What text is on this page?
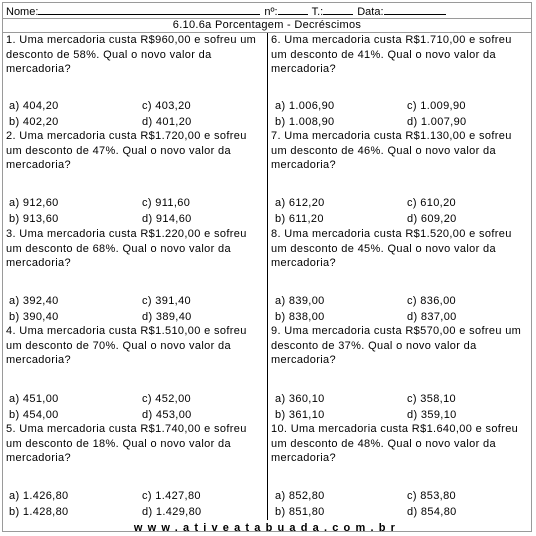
Nome:	nº:	T.:	Data:
6.10.6a Porcentagem - Decréscimos
1. Uma mercadoria custa R$960,00 e sofreu um desconto de 58%. Qual o novo valor da mercadoria?
a) 404,20	c) 403,20
b) 402,20	d) 401,20
2. Uma mercadoria custa R$1.720,00 e sofreu um desconto de 47%. Qual o novo valor da mercadoria?
a) 912,60	c) 911,60
b) 913,60	d) 914,60
3. Uma mercadoria custa R$1.220,00 e sofreu um desconto de 68%. Qual o novo valor da mercadoria?
a) 392,40	c) 391,40
b) 390,40	d) 389,40
4. Uma mercadoria custa R$1.510,00 e sofreu um desconto de 70%. Qual o novo valor da mercadoria?
a) 451,00	c) 452,00
b) 454,00	d) 453,00
5. Uma mercadoria custa R$1.740,00 e sofreu um desconto de 18%. Qual o novo valor da mercadoria?
a) 1.426,80	c) 1.427,80
b) 1.428,80	d) 1.429,80
6. Uma mercadoria custa R$1.710,00 e sofreu um desconto de 41%. Qual o novo valor da mercadoria?
a) 1.006,90	c) 1.009,90
b) 1.008,90	d) 1.007,90
7. Uma mercadoria custa R$1.130,00 e sofreu um desconto de 46%. Qual o novo valor da mercadoria?
a) 612,20	c) 610,20
b) 611,20	d) 609,20
8. Uma mercadoria custa R$1.520,00 e sofreu um desconto de 45%. Qual o novo valor da mercadoria?
a) 839,00	c) 836,00
b) 838,00	d) 837,00
9. Uma mercadoria custa R$570,00 e sofreu um desconto de 37%. Qual o novo valor da mercadoria?
a) 360,10	c) 358,10
b) 361,10	d) 359,10
10. Uma mercadoria custa R$1.640,00 e sofreu um desconto de 48%. Qual o novo valor da mercadoria?
a) 852,80	c) 853,80
b) 851,80	d) 854,80
www.ativeatabuada.com.br
